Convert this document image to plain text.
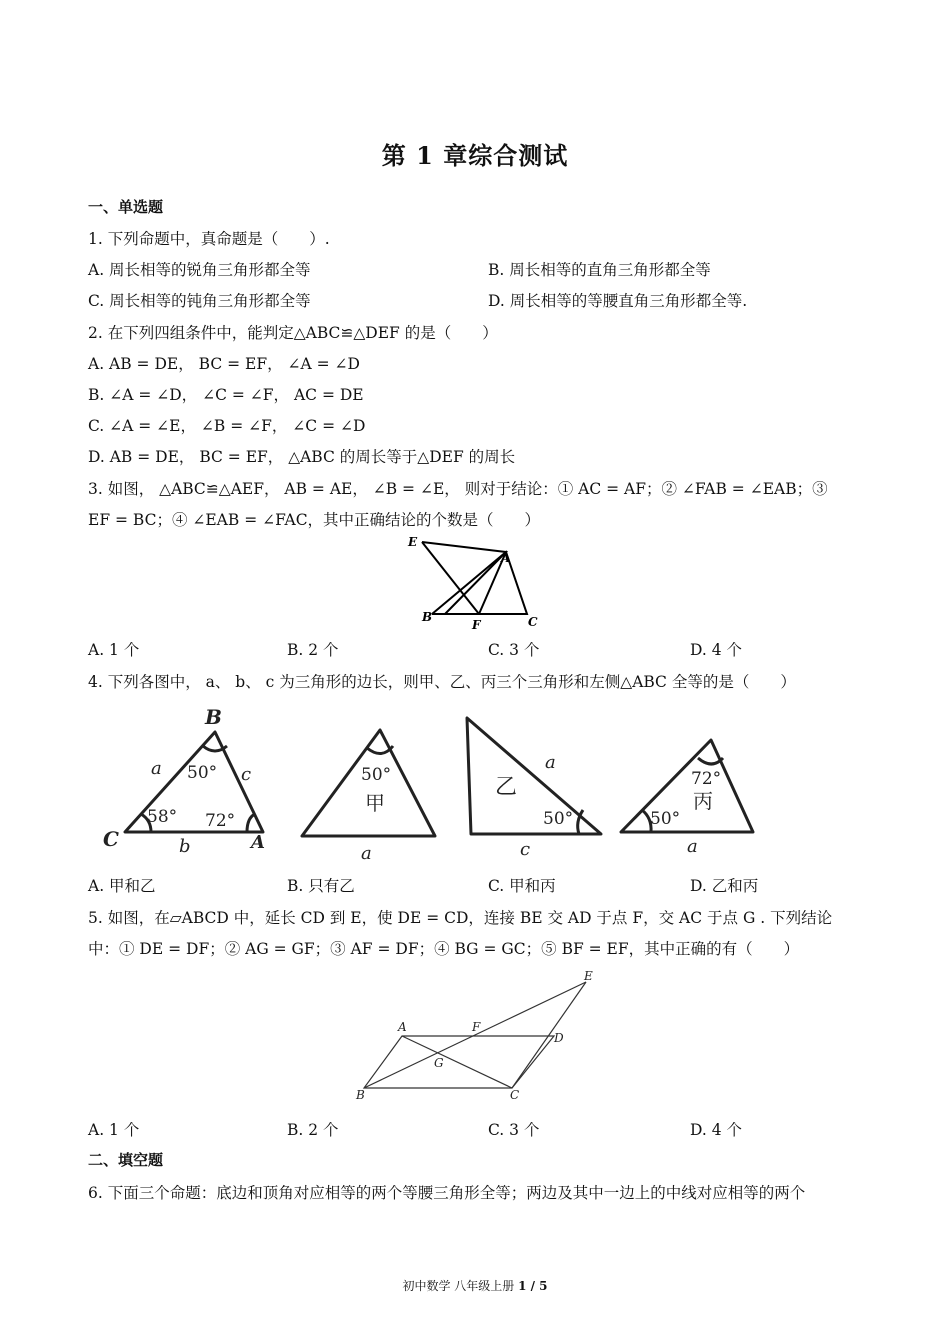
第 1 章综合测试
一、单选题
1. 下列命题中，真命题是（　　）.
A. 周长相等的锐角三角形都全等	B. 周长相等的直角三角形都全等
C. 周长相等的钝角三角形都全等	D. 周长相等的等腰直角三角形都全等.
2. 在下列四组条件中，能判定△ABC≌△DEF 的是（　　）
A. AB = DE， BC = EF， ∠A = ∠D
B. ∠A = ∠D， ∠C = ∠F， AC = DE
C. ∠A = ∠E， ∠B = ∠F， ∠C = ∠D
D. AB = DE， BC = EF， △ABC 的周长等于△DEF 的周长
3. 如图， △ABC≌△AEF， AB = AE， ∠B = ∠E， 则对于结论：① AC = AF；② ∠FAB = ∠EAB；③
EF = BC；④ ∠EAB = ∠FAC，其中正确结论的个数是（　　）
E
A
B
F	C
A. 1 个	B. 2 个	C. 3 个	D. 4 个
4. 下列各图中， a、 b、 c 为三角形的边长，则甲、乙、丙三个三角形和左侧△ABC 全等的是（　　）
B
C	A
a
b
c
50°
58° 72°
50°
甲
a
a
乙
50°
c
72°
丙
50°
a
A. 甲和乙	B. 只有乙	C. 甲和丙	D. 乙和丙
5. 如图，在▱ABCD 中，延长 CD 到 E，使 DE = CD，连接 BE 交 AD 于点 F，交 AC 于点 G . 下列结论
中：① DE = DF；② AG = GF；③ AF = DF；④ BG = GC；⑤ BF = EF，其中正确的有（　　）
A	F
E
D
G
B	C
A. 1 个	B. 2 个	C. 3 个	D. 4 个
二、填空题
6. 下面三个命题：底边和顶角对应相等的两个等腰三角形全等；两边及其中一边上的中线对应相等的两个
初中数学 八年级上册 1 / 5
